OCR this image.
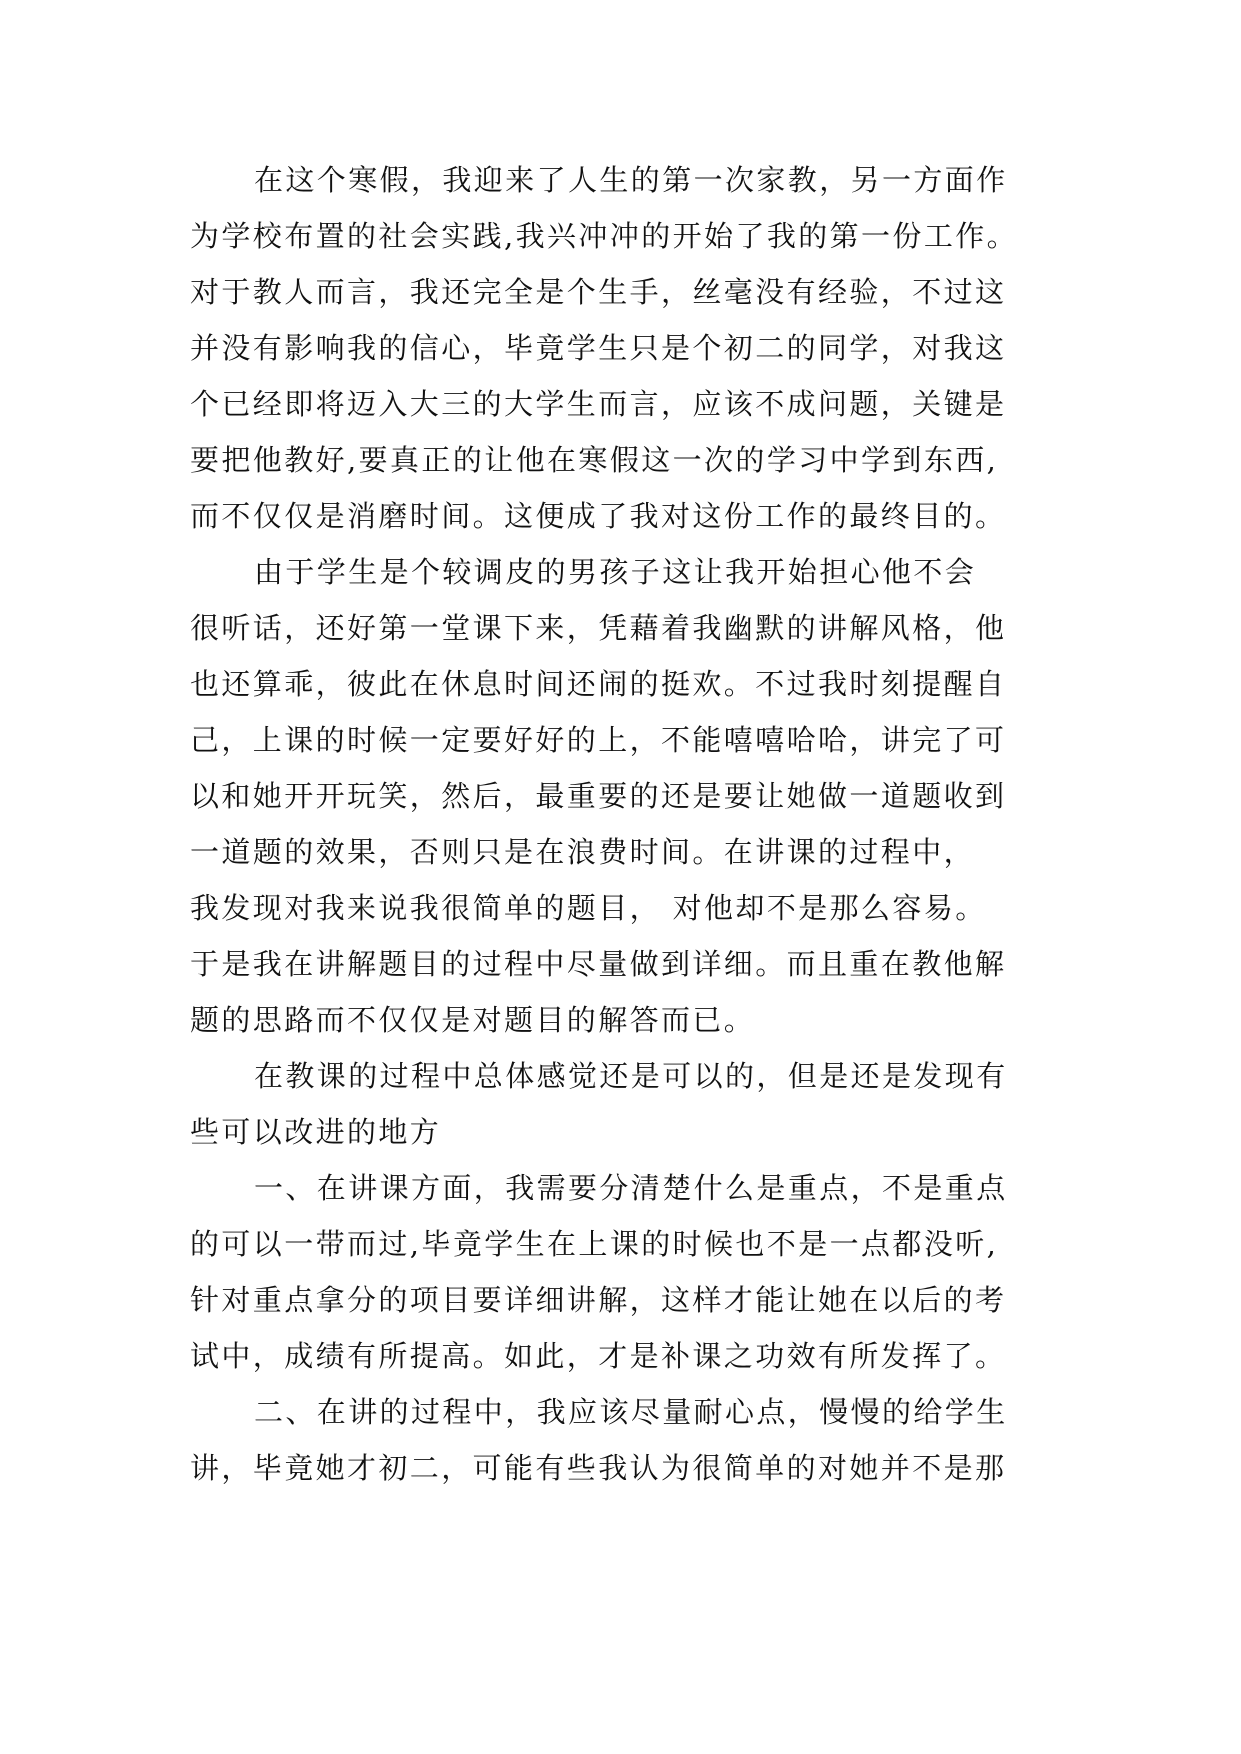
在这个寒假，我迎来了人生的第一次家教，另一方面作
为学校布置的社会实践,我兴冲冲的开始了我的第一份工作。
对于教人而言，我还完全是个生手，丝毫没有经验，不过这
并没有影响我的信心，毕竟学生只是个初二的同学，对我这
个已经即将迈入大三的大学生而言，应该不成问题，关键是
要把他教好,要真正的让他在寒假这一次的学习中学到东西,
而不仅仅是消磨时间。这便成了我对这份工作的最终目的。
由于学生是个较调皮的男孩子这让我开始担心他不会
很听话，还好第一堂课下来，凭藉着我幽默的讲解风格，他
也还算乖，彼此在休息时间还闹的挺欢。不过我时刻提醒自
己，上课的时候一定要好好的上，不能嘻嘻哈哈，讲完了可
以和她开开玩笑，然后，最重要的还是要让她做一道题收到
一道题的效果，否则只是在浪费时间。在讲课的过程中，
我发现对我来说我很简单的题目， 对他却不是那么容易。
于是我在讲解题目的过程中尽量做到详细。而且重在教他解
题的思路而不仅仅是对题目的解答而已。
在教课的过程中总体感觉还是可以的，但是还是发现有
些可以改进的地方
一、在讲课方面，我需要分清楚什么是重点，不是重点
的可以一带而过,毕竟学生在上课的时候也不是一点都没听,
针对重点拿分的项目要详细讲解，这样才能让她在以后的考
试中，成绩有所提高。如此，才是补课之功效有所发挥了。
二、在讲的过程中，我应该尽量耐心点，慢慢的给学生
讲，毕竟她才初二，可能有些我认为很简单的对她并不是那
